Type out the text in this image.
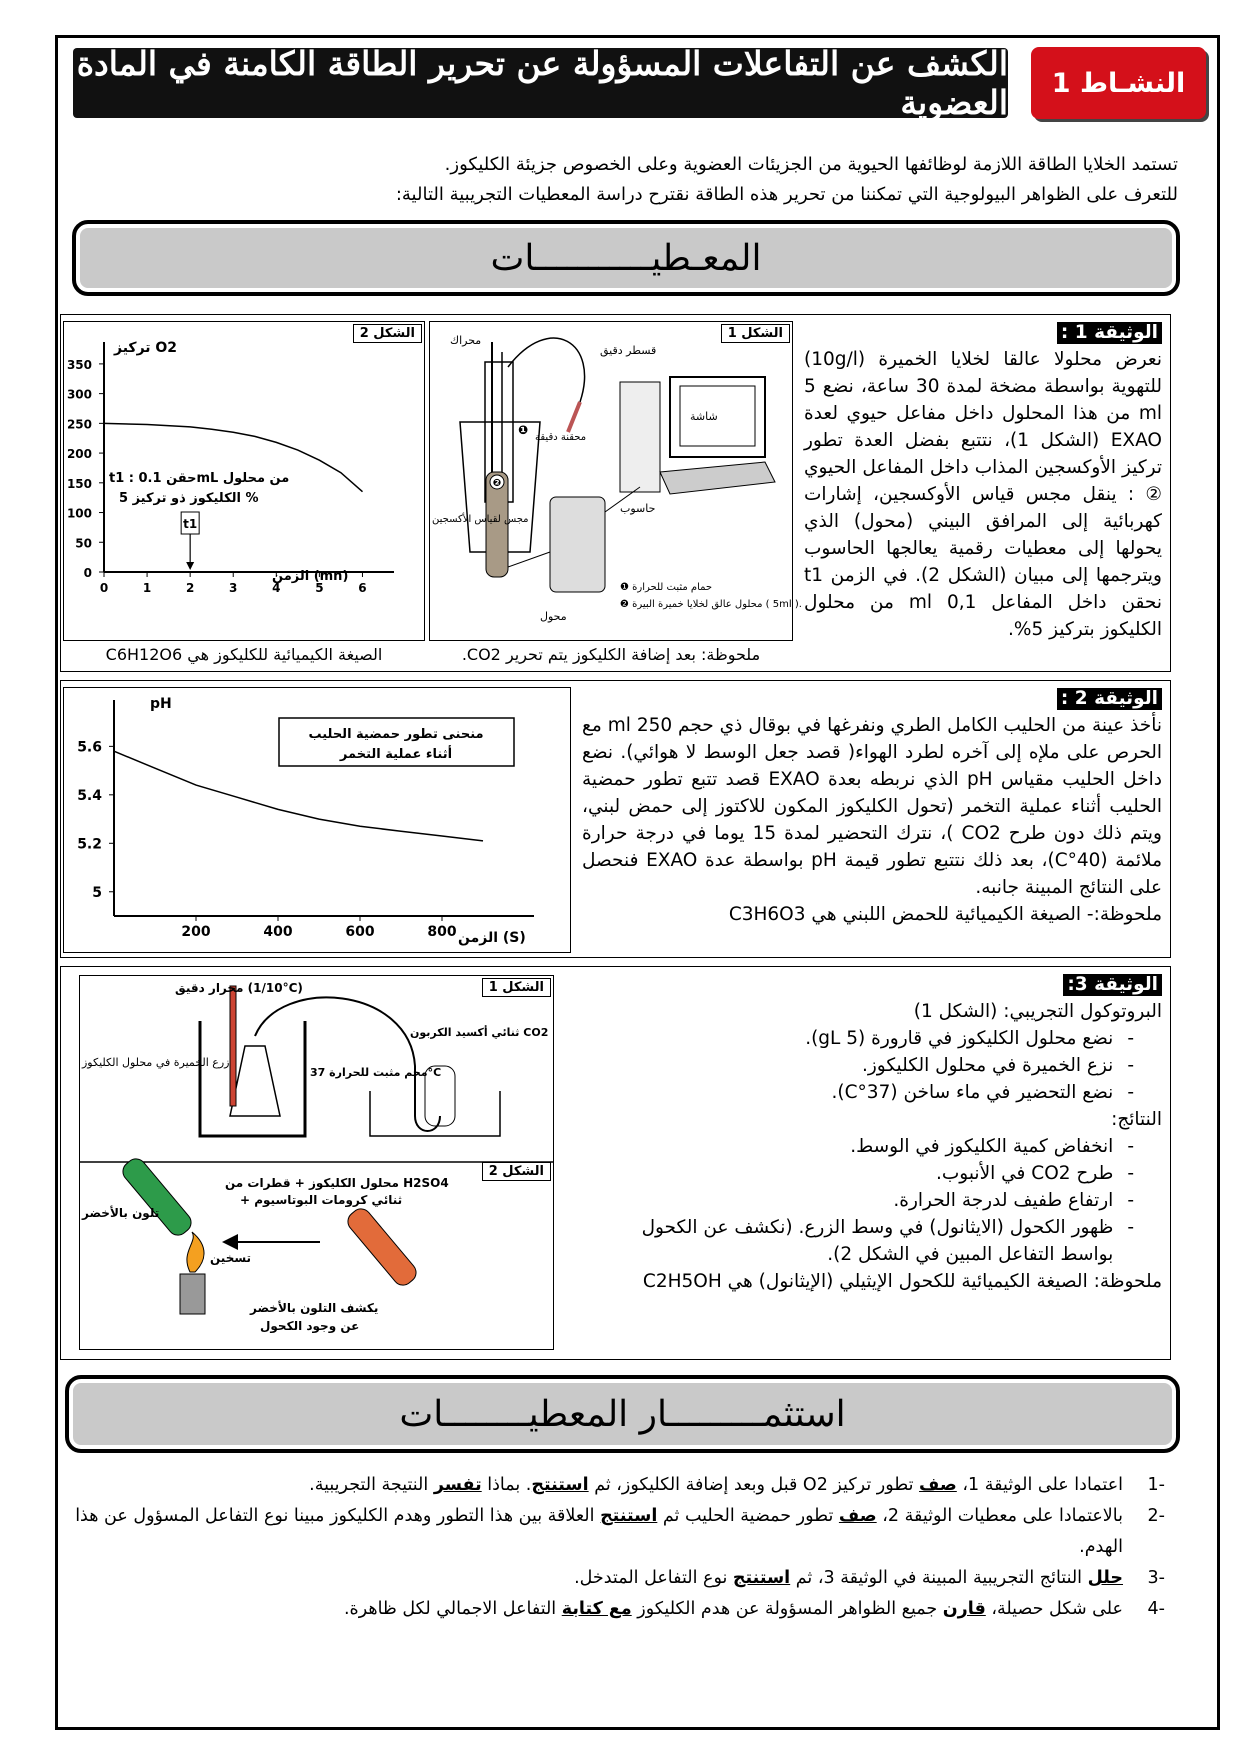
الكشف عن التفاعلات المسؤولة عن تحرير الطاقة الكامنة في المادة العضوية	النشـاط 1
تستمد الخلايا الطاقة اللازمة لوظائفها الحيوية من الجزيئات العضوية وعلى الخصوص جزيئة الكليكوز.
للتعرف على الظواهر البيولوجية التي تمكننا من تحرير هذه الطاقة نقترح دراسة المعطيات التجريبية التالية:
المعـطيـــــــــــات
الوثيقة 1 :
نعرض محلولا عالقا لخلايا الخميرة (10g/l) للتهوية بواسطة مضخة لمدة 30 ساعة، نضع 5 ml من هذا المحلول داخل مفاعل حيوي لعدة EXAO (الشكل 1)، نتتبع بفضل العدة تطور تركيز الأوكسجين المذاب داخل المفاعل الحيوي ② : ينقل مجس قياس الأوكسجين، إشارات كهربائية إلى المرافق البيني (محول) الذي يحولها إلى معطيات رقمية يعالجها الحاسوب ويترجمها إلى مبيان (الشكل 2). في الزمن t1 نحقن داخل المفاعل 0,1 ml من محلول الكليكوز بتركيز 5%.
الشكل 1
❷
❶
محراك
قسطر دقيق
محقنة دقيقة
شاشة
حاسوب
مجس لقياس الأكسجين
محول
❶ حمام مثبت للحرارة
❷ محلول عالق لخلايا خميرة البيرة ( 5ml ).
ملحوظة: بعد إضافة الكليكوز يتم تحرير CO2.
الشكل 2
تركيز O2
الزمن (mn)
t1 : حقن 0.1mL من محلول
الكليكوز ذو تركيز 5 %
0	1	2	3	4	5	6
0
50
100
150
200
250
300
350
t1
الصيغة الكيميائية للكليكوز هي C6H12O6
الوثيقة 2 :
نأخذ عينة من الحليب الكامل الطري ونفرغها في بوقال ذي حجم 250 ml مع الحرص على ملإه إلى آخره لطرد الهواء( قصد جعل الوسط لا هوائي). نضع داخل الحليب مقياس pH الذي نربطه بعدة EXAO قصد تتبع تطور حمضية الحليب أثناء عملية التخمر (تحول الكليكوز المكون للاكتوز إلى حمض لبني، ويتم ذلك دون طرح CO2 )، نترك التحضير لمدة 15 يوما في درجة حرارة ملائمة (40°C)، بعد ذلك نتتبع تطور قيمة pH بواسطة عدة EXAO فنحصل على النتائج المبينة جانبه.
ملحوظة:- الصيغة الكيميائية للحمض اللبني هي C3H6O3
pH
الزمن (S)
منحنى تطور حمضية الحليب
أثناء عملية التخمر
200	400	600	800
5
5.2
5.4
5.6
الوثيقة 3:
البروتوكول التجريبي: (الشكل 1)
-
نضع محلول الكليكوز في قارورة (5 gL).
-
نزع الخميرة في محلول الكليكوز.
-
نضع التحضير في ماء ساخن (37°C).
النتائج:
-
انخفاض كمية الكليكوز في الوسط.
-
طرح CO2 في الأنبوب.
-
ارتفاع طفيف لدرجة الحرارة.
-
ظهور الكحول (الايثانول) في وسط الزرع. (نكشف عن الكحول بواسط التفاعل المبين في الشكل 2).
ملحوظة: الصيغة الكيميائية للكحول الإيثيلي (الإيثانول) هي C2H5OH
الشكل 1
محرار دقيق (1/10°C)
زرع الخميرة في محلول الكليكوز
محم مثبت للحرارة 37°C
ثنائي أكسيد الكربون CO2
الشكل 2
محلول الكليكوز + قطرات من H2SO4
+ ثنائي كرومات البوتاسيوم
تلون بالأخضر
تسخين
يكشف التلون بالأخضر
عن وجود الكحول
استثمـــــــــار المعطيــــــــات
-1
اعتمادا على الوثيقة 1، صف تطور تركيز O2 قبل وبعد إضافة الكليكوز، ثم استنتج. بماذا تفسر النتيجة التجريبية.
-2
بالاعتمادا على معطيات الوثيقة 2، صف تطور حمضية الحليب ثم استنتج العلاقة بين هذا التطور وهدم الكليكوز مبينا نوع التفاعل المسؤول عن هذا الهدم.
-3
حلل النتائج التجريبية المبينة في الوثيقة 3، ثم استنتج نوع التفاعل المتدخل.
-4
على شكل حصيلة، قارن جميع الظواهر المسؤولة عن هدم الكليكوز مع كتابة التفاعل الاجمالي لكل ظاهرة.
